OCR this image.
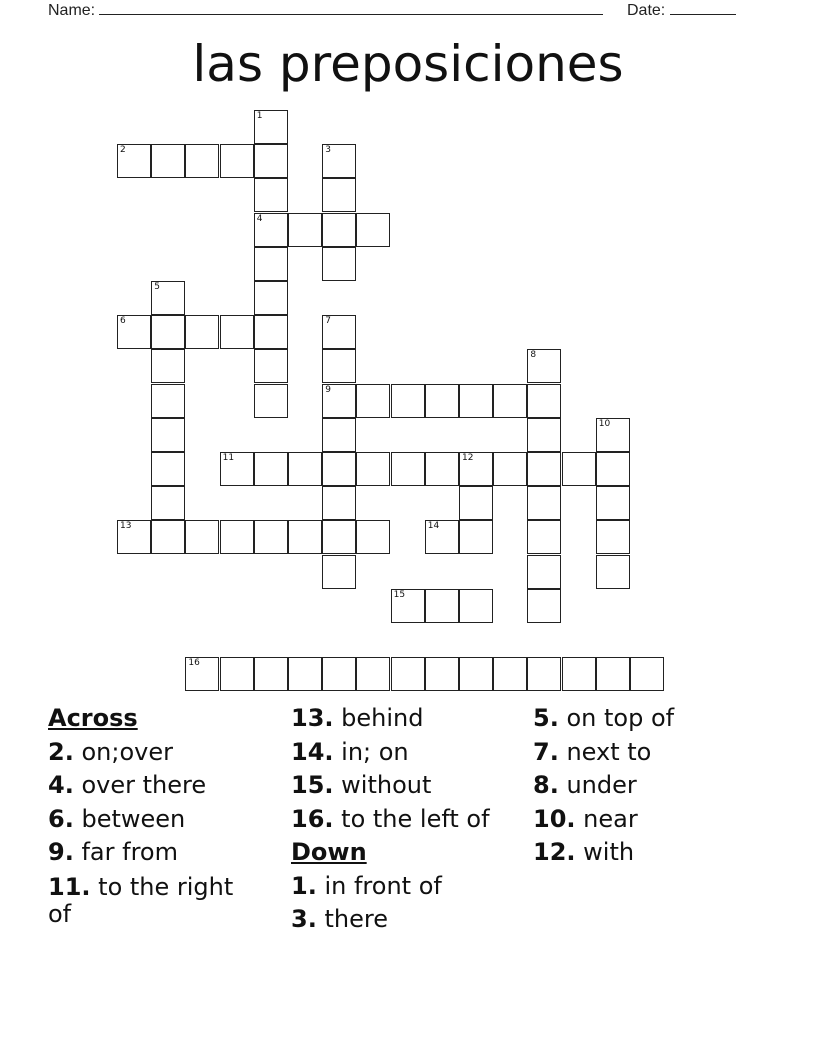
Name:	Date:
las preposiciones
1
4
2	3
5
6	7
9
8
10
11	12
13	14
15
16
Across
2. on;over
4. over there
6. between
9. far from
11. to the right of
13. behind
14. in; on
15. without
16. to the left of
Down
1. in front of
3. there
5. on top of
7. next to
8. under
10. near
12. with
